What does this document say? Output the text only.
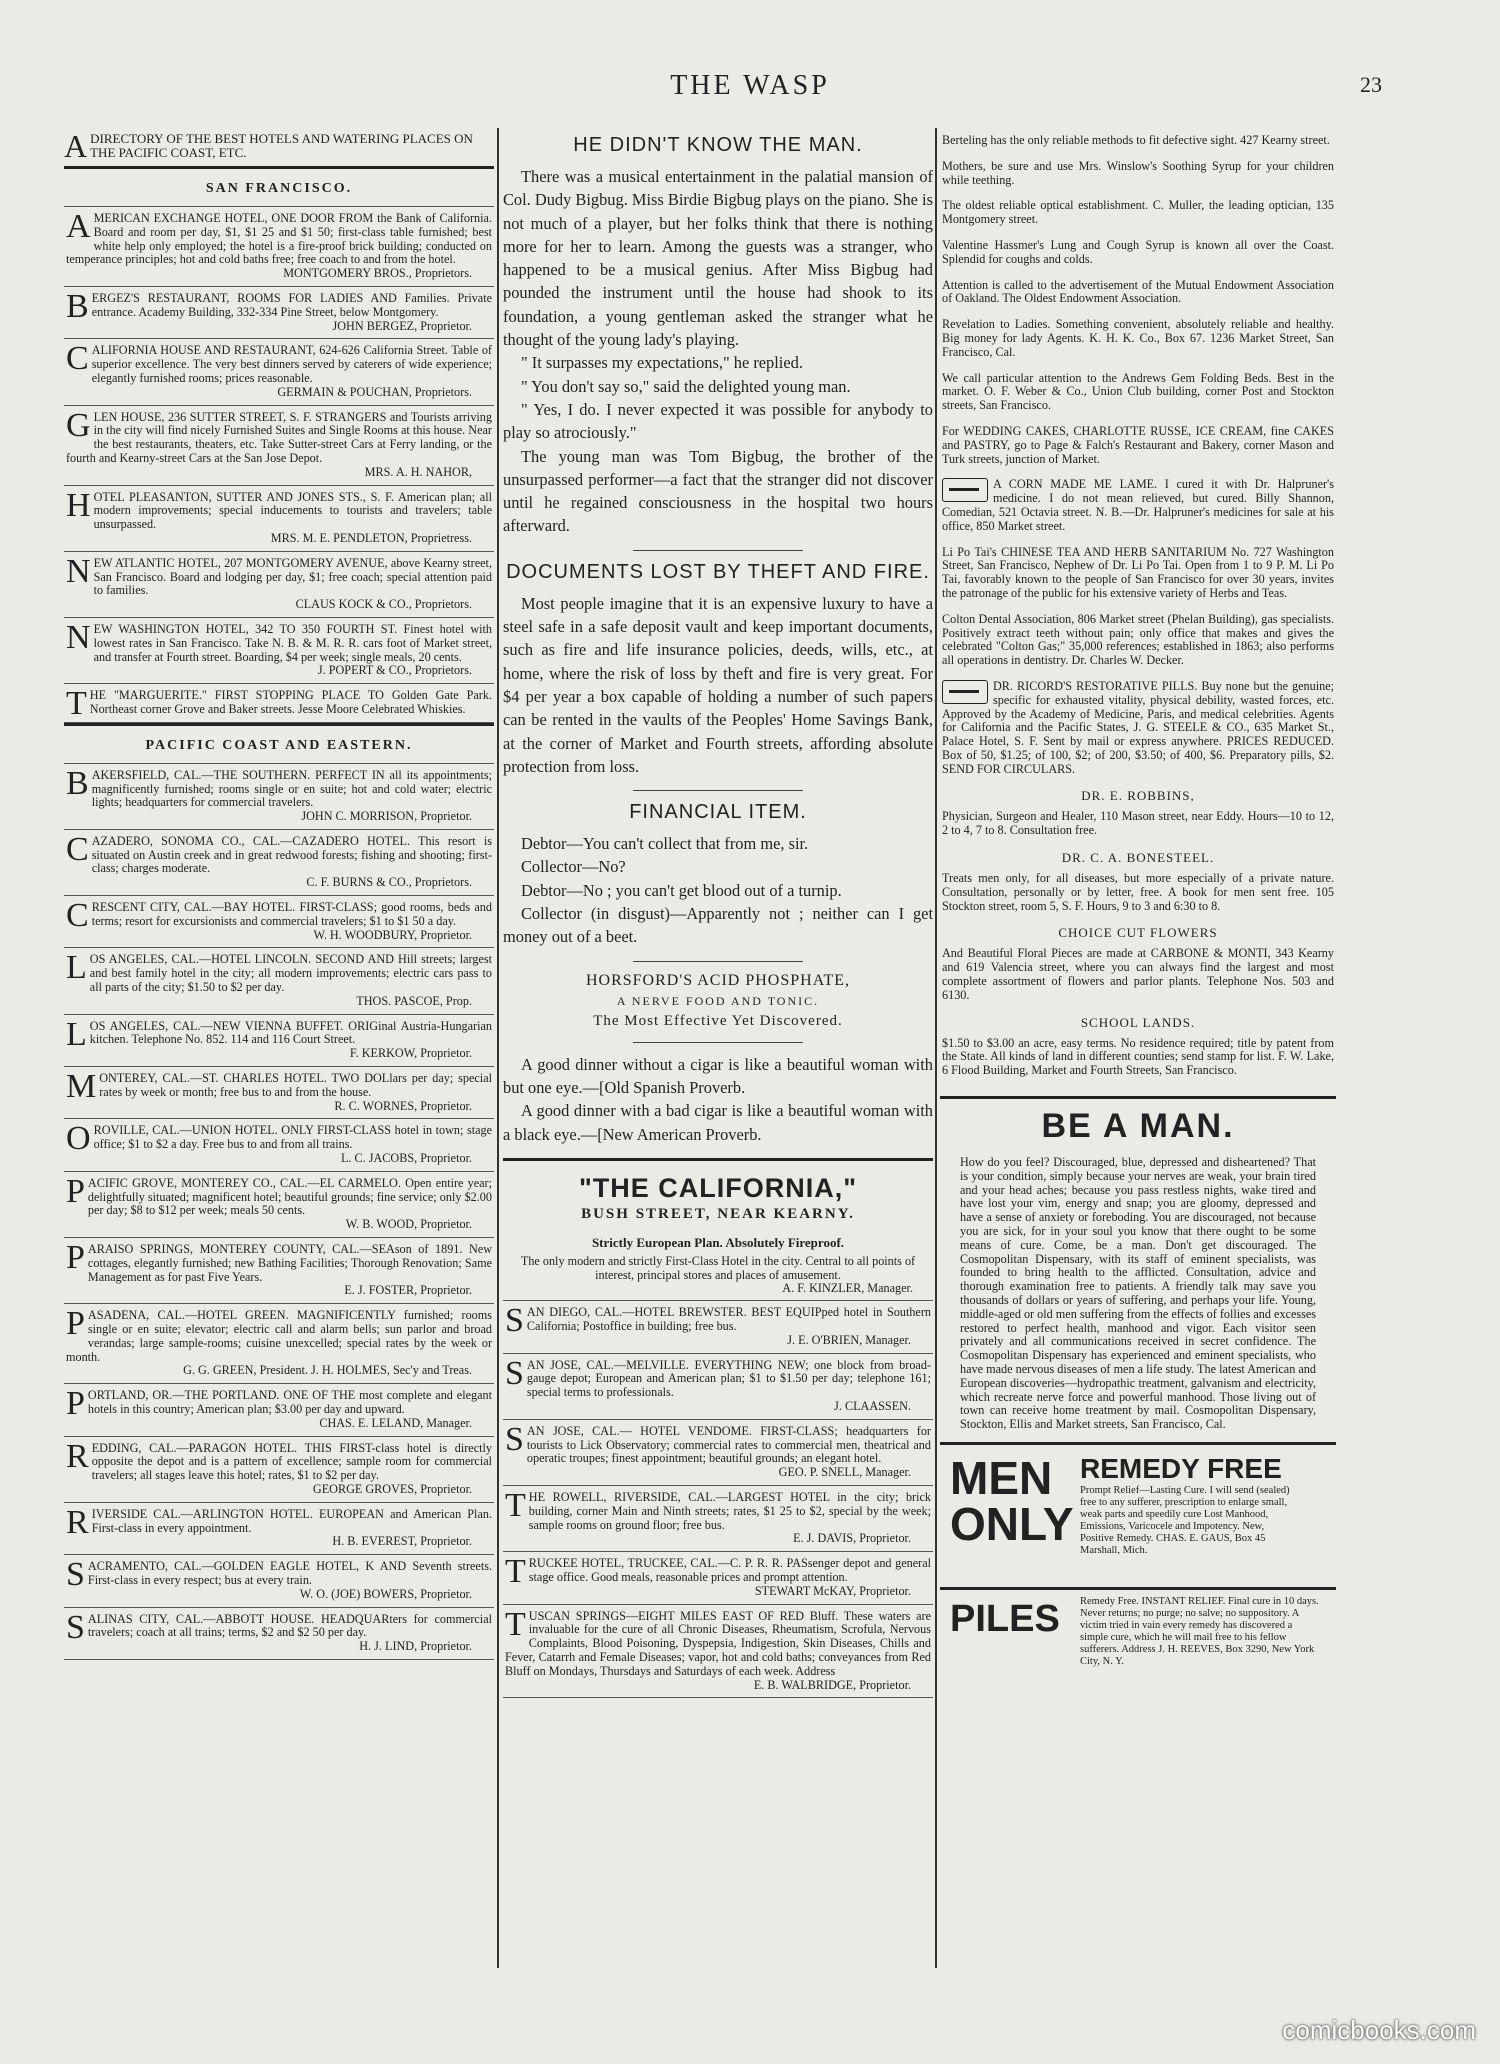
THE WASP	23
A DIRECTORY OF THE BEST HOTELS AND WATERING PLACES ON THE PACIFIC COAST, ETC.
SAN FRANCISCO.
AMERICAN EXCHANGE HOTEL, ONE DOOR FROM the Bank of California. Board and room per day, $1, $1 25 and $1 50; first-class table furnished; best white help only employed; the hotel is a fire-proof brick building; conducted on temperance principles; hot and cold baths free; free coach to and from the hotel.
MONTGOMERY BROS., Proprietors.
BERGEZ'S RESTAURANT, ROOMS FOR LADIES AND Families. Private entrance. Academy Building, 332-334 Pine Street, below Montgomery.
JOHN BERGEZ, Proprietor.
CALIFORNIA HOUSE AND RESTAURANT, 624-626 California Street. Table of superior excellence. The very best dinners served by caterers of wide experience; elegantly furnished rooms; prices reasonable.
GERMAIN & POUCHAN, Proprietors.
GLEN HOUSE, 236 SUTTER STREET, S. F. STRANGERS and Tourists arriving in the city will find nicely Furnished Suites and Single Rooms at this house. Near the best restaurants, theaters, etc. Take Sutter-street Cars at Ferry landing, or the fourth and Kearny-street Cars at the San Jose Depot.
MRS. A. H. NAHOR,
HOTEL PLEASANTON, SUTTER AND JONES STS., S. F. American plan; all modern improvements; special inducements to tourists and travelers; table unsurpassed.
MRS. M. E. PENDLETON, Proprietress.
NEW ATLANTIC HOTEL, 207 MONTGOMERY AVENUE, above Kearny street, San Francisco. Board and lodging per day, $1; free coach; special attention paid to families.
CLAUS KOCK & CO., Proprietors.
NEW WASHINGTON HOTEL, 342 TO 350 FOURTH ST. Finest hotel with lowest rates in San Francisco. Take N. B. & M. R. R. cars foot of Market street, and transfer at Fourth street. Boarding, $4 per week; single meals, 20 cents.
J. POPERT & CO., Proprietors.
THE "MARGUERITE." FIRST STOPPING PLACE TO Golden Gate Park. Northeast corner Grove and Baker streets. Jesse Moore Celebrated Whiskies.
PACIFIC COAST AND EASTERN.
BAKERSFIELD, CAL.—THE SOUTHERN. PERFECT IN all its appointments; magnificently furnished; rooms single or en suite; hot and cold water; electric lights; headquarters for commercial travelers.
JOHN C. MORRISON, Proprietor.
CAZADERO, SONOMA CO., CAL.—CAZADERO HOTEL. This resort is situated on Austin creek and in great redwood forests; fishing and shooting; first-class; charges moderate.
C. F. BURNS & CO., Proprietors.
CRESCENT CITY, CAL.—BAY HOTEL. FIRST-CLASS; good rooms, beds and terms; resort for excursionists and commercial travelers; $1 to $1 50 a day.
W. H. WOODBURY, Proprietor.
LOS ANGELES, CAL.—HOTEL LINCOLN. SECOND AND Hill streets; largest and best family hotel in the city; all modern improvements; electric cars pass to all parts of the city; $1.50 to $2 per day.
THOS. PASCOE, Prop.
LOS ANGELES, CAL.—NEW VIENNA BUFFET. ORIGinal Austria-Hungarian kitchen. Telephone No. 852. 114 and 116 Court Street.
F. KERKOW, Proprietor.
MONTEREY, CAL.—ST. CHARLES HOTEL. TWO DOLlars per day; special rates by week or month; free bus to and from the house.
R. C. WORNES, Proprietor.
OROVILLE, CAL.—UNION HOTEL. ONLY FIRST-CLASS hotel in town; stage office; $1 to $2 a day. Free bus to and from all trains.
L. C. JACOBS, Proprietor.
PACIFIC GROVE, MONTEREY CO., CAL.—EL CARMELO. Open entire year; delightfully situated; magnificent hotel; beautiful grounds; fine service; only $2.00 per day; $8 to $12 per week; meals 50 cents.
W. B. WOOD, Proprietor.
PARAISO SPRINGS, MONTEREY COUNTY, CAL.—SEAson of 1891. New cottages, elegantly furnished; new Bathing Facilities; Thorough Renovation; Same Management as for past Five Years.
E. J. FOSTER, Proprietor.
PASADENA, CAL.—HOTEL GREEN. MAGNIFICENTLY furnished; rooms single or en suite; elevator; electric call and alarm bells; sun parlor and broad verandas; large sample-rooms; cuisine unexcelled; special rates by the week or month.
G. G. GREEN, President. J. H. HOLMES, Sec'y and Treas.
PORTLAND, OR.—THE PORTLAND. ONE OF THE most complete and elegant hotels in this country; American plan; $3.00 per day and upward.
CHAS. E. LELAND, Manager.
REDDING, CAL.—PARAGON HOTEL. THIS FIRST-class hotel is directly opposite the depot and is a pattern of excellence; sample room for commercial travelers; all stages leave this hotel; rates, $1 to $2 per day.
GEORGE GROVES, Proprietor.
RIVERSIDE CAL.—ARLINGTON HOTEL. EUROPEAN and American Plan. First-class in every appointment.
H. B. EVEREST, Proprietor.
SACRAMENTO, CAL.—GOLDEN EAGLE HOTEL, K AND Seventh streets. First-class in every respect; bus at every train.
W. O. (JOE) BOWERS, Proprietor.
SALINAS CITY, CAL.—ABBOTT HOUSE. HEADQUARters for commercial travelers; coach at all trains; terms, $2 and $2 50 per day.
H. J. LIND, Proprietor.
HE DIDN'T KNOW THE MAN.

There was a musical entertainment in the palatial mansion of Col. Dudy Bigbug. Miss Birdie Bigbug plays on the piano. She is not much of a player, but her folks think that there is nothing more for her to learn. Among the guests was a stranger, who happened to be a musical genius. After Miss Bigbug had pounded the instrument until the house had shook to its foundation, a young gentleman asked the stranger what he thought of the young lady's playing.

" It surpasses my expectations," he replied.

" You don't say so," said the delighted young man.

" Yes, I do. I never expected it was possible for anybody to play so atrociously."

The young man was Tom Bigbug, the brother of the unsurpassed performer—a fact that the stranger did not discover until he regained consciousness in the hospital two hours afterward.

DOCUMENTS LOST BY THEFT AND FIRE.

Most people imagine that it is an expensive luxury to have a steel safe in a safe deposit vault and keep important documents, such as fire and life insurance policies, deeds, wills, etc., at home, where the risk of loss by theft and fire is very great. For $4 per year a box capable of holding a number of such papers can be rented in the vaults of the Peoples' Home Savings Bank, at the corner of Market and Fourth streets, affording absolute protection from loss.

FINANCIAL ITEM.

Debtor—You can't collect that from me, sir.

Collector—No?

Debtor—No ; you can't get blood out of a turnip.

Collector (in disgust)—Apparently not ; neither can I get money out of a beet.

HORSFORD'S ACID PHOSPHATE,
A NERVE FOOD AND TONIC.
The Most Effective Yet Discovered.

A good dinner without a cigar is like a beautiful woman with but one eye.—[Old Spanish Proverb.

A good dinner with a bad cigar is like a beautiful woman with a black eye.—[New American Proverb.

"THE CALIFORNIA,"
BUSH STREET, NEAR KEARNY.
Strictly European Plan. Absolutely Fireproof.
The only modern and strictly First-Class Hotel in the city. Central to all points of interest, principal stores and places of amusement.
A. F. KINZLER, Manager.
SAN DIEGO, CAL.—HOTEL BREWSTER. BEST EQUIPped hotel in Southern California; Postoffice in building; free bus.
J. E. O'BRIEN, Manager.
SAN JOSE, CAL.—MELVILLE. EVERYTHING NEW; one block from broad-gauge depot; European and American plan; $1 to $1.50 per day; telephone 161; special terms to professionals.
J. CLAASSEN.
SAN JOSE, CAL.— HOTEL VENDOME. FIRST-CLASS; headquarters for tourists to Lick Observatory; commercial rates to commercial men, theatrical and operatic troupes; finest appointment; beautiful grounds; an elegant hotel.
GEO. P. SNELL, Manager.
THE ROWELL, RIVERSIDE, CAL.—LARGEST HOTEL in the city; brick building, corner Main and Ninth streets; rates, $1 25 to $2, special by the week; sample rooms on ground floor; free bus.
E. J. DAVIS, Proprietor.
TRUCKEE HOTEL, TRUCKEE, CAL.—C. P. R. R. PASsenger depot and general stage office. Good meals, reasonable prices and prompt attention.
STEWART McKAY, Proprietor.
TUSCAN SPRINGS—EIGHT MILES EAST OF RED Bluff. These waters are invaluable for the cure of all Chronic Diseases, Rheumatism, Scrofula, Nervous Complaints, Blood Poisoning, Dyspepsia, Indigestion, Skin Diseases, Chills and Fever, Catarrh and Female Diseases; vapor, hot and cold baths; conveyances from Red Bluff on Mondays, Thursdays and Saturdays of each week. Address
E. B. WALBRIDGE, Proprietor.
Berteling has the only reliable methods to fit defective sight. 427 Kearny street.
Mothers, be sure and use Mrs. Winslow's Soothing Syrup for your children while teething.
The oldest reliable optical establishment. C. Muller, the leading optician, 135 Montgomery street.
Valentine Hassmer's Lung and Cough Syrup is known all over the Coast. Splendid for coughs and colds.
Attention is called to the advertisement of the Mutual Endowment Association of Oakland. The Oldest Endowment Association.
Revelation to Ladies. Something convenient, absolutely reliable and healthy. Big money for lady Agents. K. H. K. Co., Box 67. 1236 Market Street, San Francisco, Cal.
We call particular attention to the Andrews Gem Folding Beds. Best in the market. O. F. Weber & Co., Union Club building, corner Post and Stockton streets, San Francisco.
For WEDDING CAKES, CHARLOTTE RUSSE, ICE CREAM, fine CAKES and PASTRY, go to Page & Falch's Restaurant and Bakery, corner Mason and Turk streets, junction of Market.
A CORN MADE ME LAME. I cured it with Dr. Halpruner's medicine. I do not mean relieved, but cured. Billy Shannon, Comedian, 521 Octavia street. N. B.—Dr. Halpruner's medicines for sale at his office, 850 Market street.
Li Po Tai's CHINESE TEA AND HERB SANITARIUM No. 727 Washington Street, San Francisco, Nephew of Dr. Li Po Tai. Open from 1 to 9 P. M. Li Po Tai, favorably known to the people of San Francisco for over 30 years, invites the patronage of the public for his extensive variety of Herbs and Teas.
Colton Dental Association, 806 Market street (Phelan Building), gas specialists. Positively extract teeth without pain; only office that makes and gives the celebrated "Colton Gas;" 35,000 references; established in 1863; also performs all operations in dentistry. Dr. Charles W. Decker.
DR. RICORD'S RESTORATIVE PILLS. Buy none but the genuine; specific for exhausted vitality, physical debility, wasted forces, etc. Approved by the Academy of Medicine, Paris, and medical celebrities. Agents for California and the Pacific States, J. G. STEELE & CO., 635 Market St., Palace Hotel, S. F. Sent by mail or express anywhere. PRICES REDUCED. Box of 50, $1.25; of 100, $2; of 200, $3.50; of 400, $6. Preparatory pills, $2. SEND FOR CIRCULARS.
DR. E. ROBBINS,
Physician, Surgeon and Healer, 110 Mason street, near Eddy. Hours—10 to 12, 2 to 4, 7 to 8. Consultation free.
DR. C. A. BONESTEEL.
Treats men only, for all diseases, but more especially of a private nature. Consultation, personally or by letter, free. A book for men sent free. 105 Stockton street, room 5, S. F. Hours, 9 to 3 and 6:30 to 8.
CHOICE CUT FLOWERS
And Beautiful Floral Pieces are made at CARBONE & MONTI, 343 Kearny and 619 Valencia street, where you can always find the largest and most complete assortment of flowers and parlor plants. Telephone Nos. 503 and 6130.
SCHOOL LANDS.
$1.50 to $3.00 an acre, easy terms. No residence required; title by patent from the State. All kinds of land in different counties; send stamp for list. F. W. Lake, 6 Flood Building, Market and Fourth Streets, San Francisco.
BE A MAN.
How do you feel? Discouraged, blue, depressed and disheartened? That is your condition, simply because your nerves are weak, your brain tired and your head aches; because you pass restless nights, wake tired and have lost your vim, energy and snap; you are gloomy, depressed and have a sense of anxiety or foreboding. You are discouraged, not because you are sick, for in your soul you know that there ought to be some means of cure. Come, be a man. Don't get discouraged. The Cosmopolitan Dispensary, with its staff of eminent specialists, was founded to bring health to the afflicted. Consultation, advice and thorough examination free to patients. A friendly talk may save you thousands of dollars or years of suffering, and perhaps your life. Young, middle-aged or old men suffering from the effects of follies and excesses restored to perfect health, manhood and vigor. Each visitor seen privately and all communications received in secret confidence. The Cosmopolitan Dispensary has experienced and eminent specialists, who have made nervous diseases of men a life study. The latest American and European discoveries—hydropathic treatment, galvanism and electricity, which recreate nerve force and powerful manhood. Those living out of town can receive home treatment by mail. Cosmopolitan Dispensary, Stockton, Ellis and Market streets, San Francisco, Cal.
MEN ONLY
REMEDY FREE
Prompt Relief—Lasting Cure. I will send (sealed) free to any sufferer, prescription to enlarge small, weak parts and speedily cure Lost Manhood, Emissions, Varicocele and Impotency. New, Positive Remedy. CHAS. E. GAUS, Box 45 Marshall, Mich.
PILES Remedy Free. INSTANT RELIEF. Final cure in 10 days. Never returns; no purge; no salve; no suppository. A victim tried in vain every remedy has discovered a simple cure, which he will mail free to his fellow sufferers. Address J. H. REEVES, Box 3290, New York City, N. Y.
comicbooks.com
